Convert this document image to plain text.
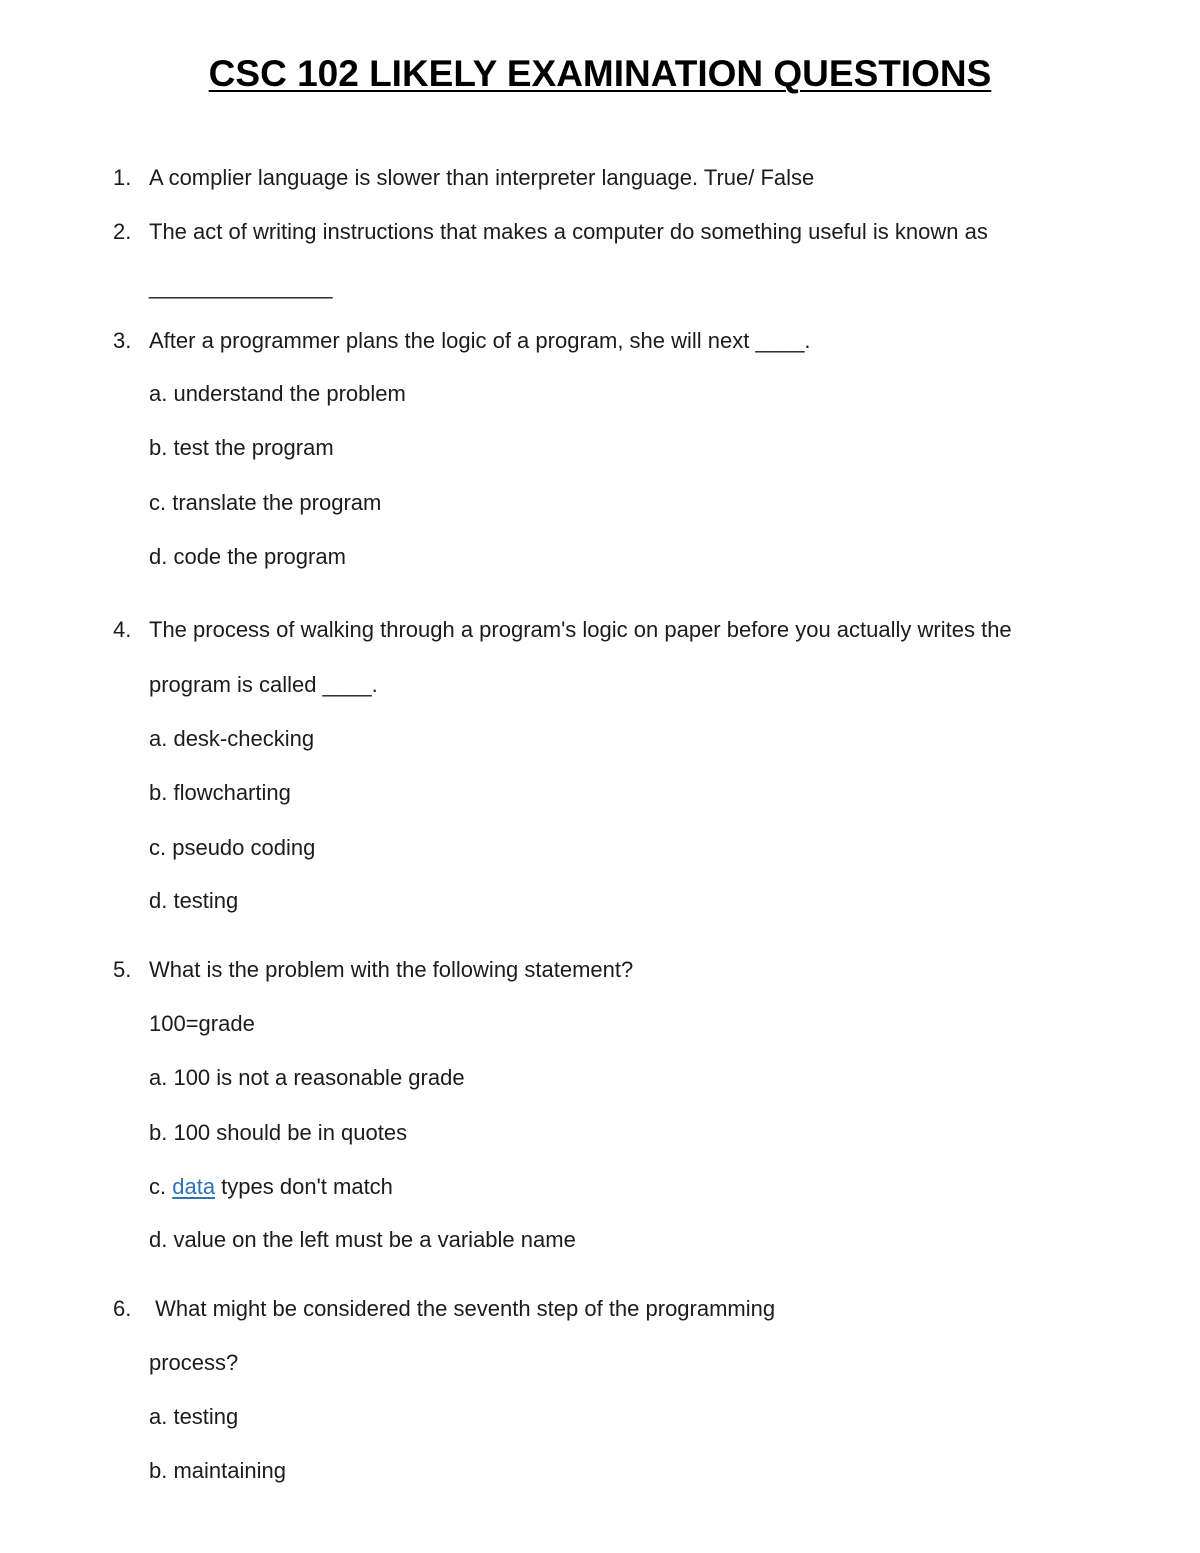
CSC 102 LIKELY EXAMINATION QUESTIONS
1. A complier language is slower than interpreter language. True/ False
2. The act of writing instructions that makes a computer do something useful is known as
_______________
3. After a programmer plans the logic of a program, she will next ____.
a. understand the problem
b. test the program
c. translate the program
d. code the program
4. The process of walking through a program's logic on paper before you actually writes the
program is called ____.
a. desk-checking
b. flowcharting
c. pseudo coding
d. testing
5. What is the problem with the following statement?
100=grade
a. 100 is not a reasonable grade
b. 100 should be in quotes
c. data types don't match
d. value on the left must be a variable name
6. What might be considered the seventh step of the programming
process?
a. testing
b. maintaining
